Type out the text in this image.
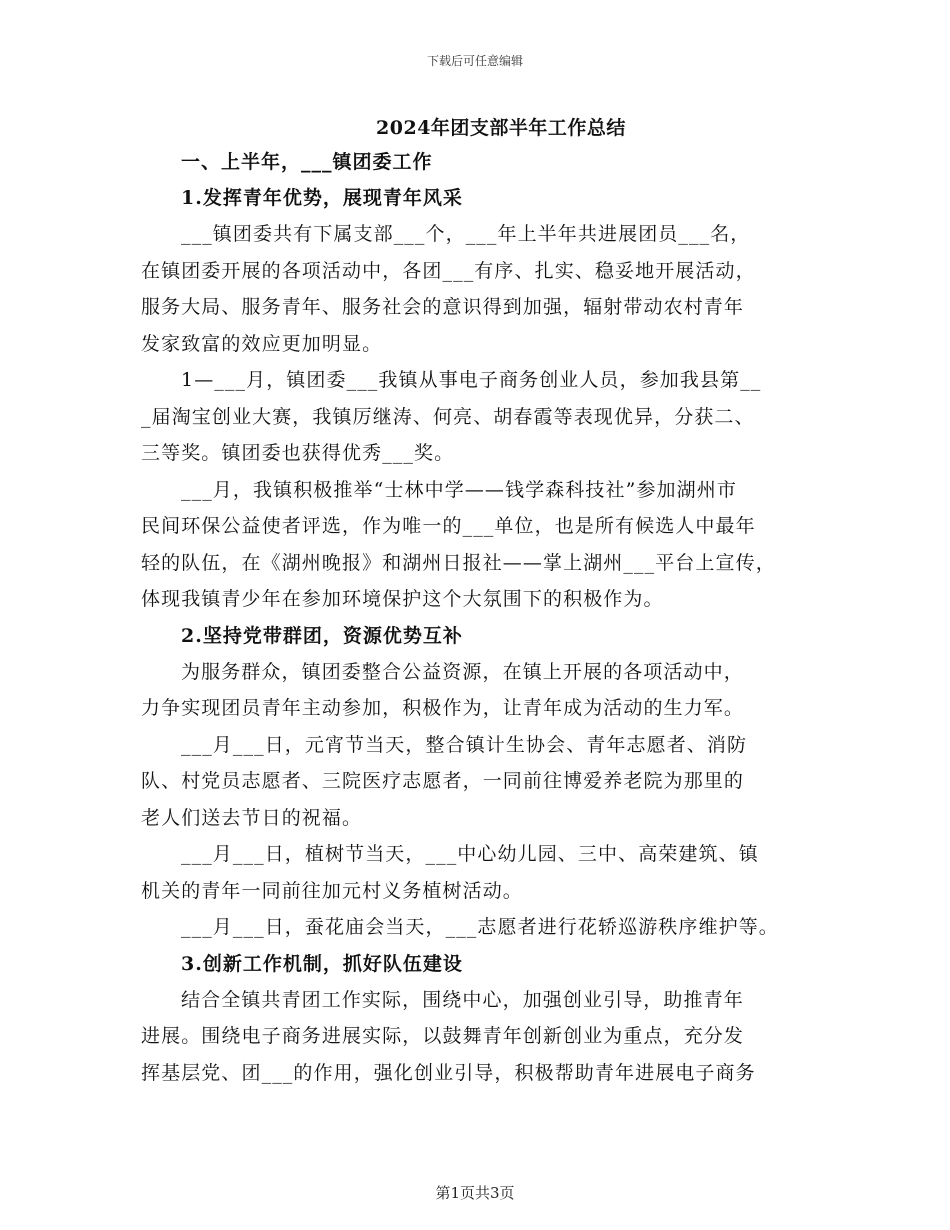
下载后可任意编辑
2024年团支部半年工作总结
一、上半年，___镇团委工作
1.发挥青年优势，展现青年风采
___镇团委共有下属支部___个，___年上半年共进展团员___名，
在镇团委开展的各项活动中，各团___有序、扎实、稳妥地开展活动，
服务大局、服务青年、服务社会的意识得到加强，辐射带动农村青年
发家致富的效应更加明显。
1—___月，镇团委___我镇从事电子商务创业人员，参加我县第__
_届淘宝创业大赛，我镇厉继涛、何亮、胡春霞等表现优异，分获二、
三等奖。镇团委也获得优秀___奖。
___月，我镇积极推举“士林中学——钱学森科技社”参加湖州市
民间环保公益使者评选，作为唯一的___单位，也是所有候选人中最年
轻的队伍，在《湖州晚报》和湖州日报社——掌上湖州___平台上宣传，
体现我镇青少年在参加环境保护这个大氛围下的积极作为。
2.坚持党带群团，资源优势互补
为服务群众，镇团委整合公益资源，在镇上开展的各项活动中，
力争实现团员青年主动参加，积极作为，让青年成为活动的生力军。
___月___日，元宵节当天，整合镇计生协会、青年志愿者、消防
队、村党员志愿者、三院医疗志愿者，一同前往博爱养老院为那里的
老人们送去节日的祝福。
___月___日，植树节当天，___中心幼儿园、三中、高荣建筑、镇
机关的青年一同前往加元村义务植树活动。
___月___日，蚕花庙会当天，___志愿者进行花轿巡游秩序维护等。
3.创新工作机制，抓好队伍建设
结合全镇共青团工作实际，围绕中心，加强创业引导，助推青年
进展。围绕电子商务进展实际，以鼓舞青年创新创业为重点，充分发
挥基层党、团___的作用，强化创业引导，积极帮助青年进展电子商务
第1页共3页
